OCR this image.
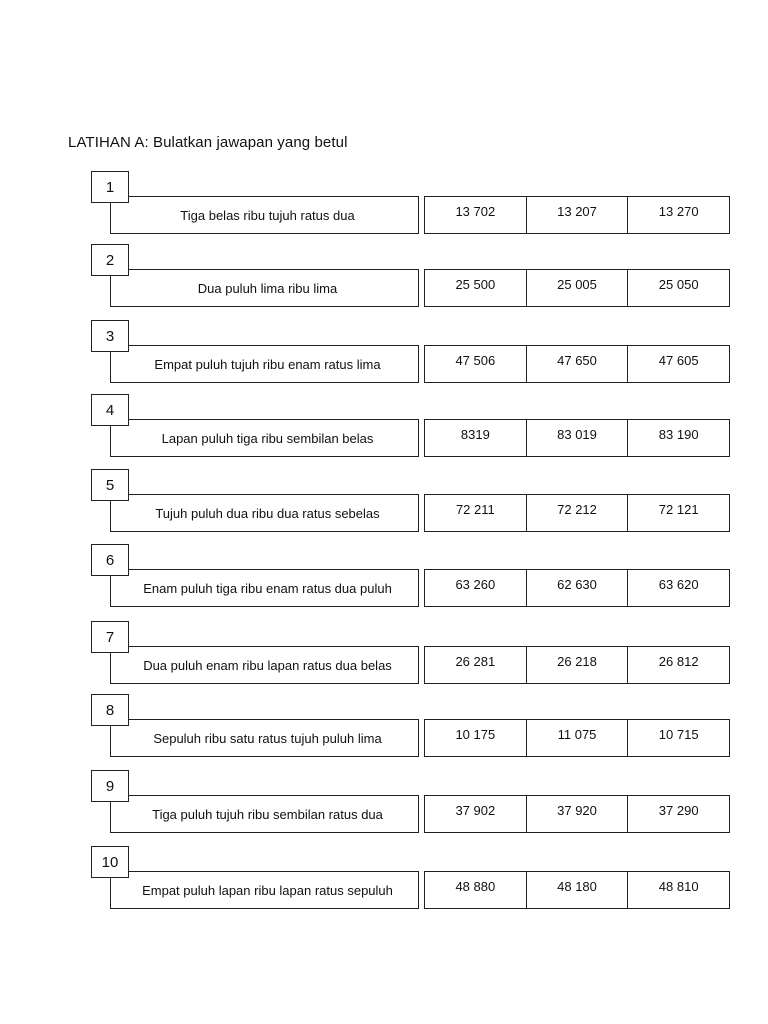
LATIHAN A: Bulatkan jawapan yang betul
1
Tiga belas ribu tujuh ratus dua	13 702	13 207	13 270
2
Dua puluh lima ribu lima	25 500	25 005	25 050
3
Empat puluh tujuh ribu enam ratus lima	47 506	47 650	47 605
4
Lapan puluh tiga ribu sembilan belas	8319	83 019	83 190
5
Tujuh puluh dua ribu dua ratus sebelas	72 211	72 212	72 121
6
Enam puluh tiga ribu enam ratus dua puluh	63 260	62 630	63 620
7
Dua puluh enam ribu lapan ratus dua belas	26 281	26 218	26 812
8
Sepuluh ribu satu ratus tujuh puluh lima	10 175	11 075	10 715
9
Tiga puluh tujuh ribu sembilan ratus dua	37 902	37 920	37 290
10
Empat puluh lapan ribu lapan ratus sepuluh	48 880	48 180	48 810
